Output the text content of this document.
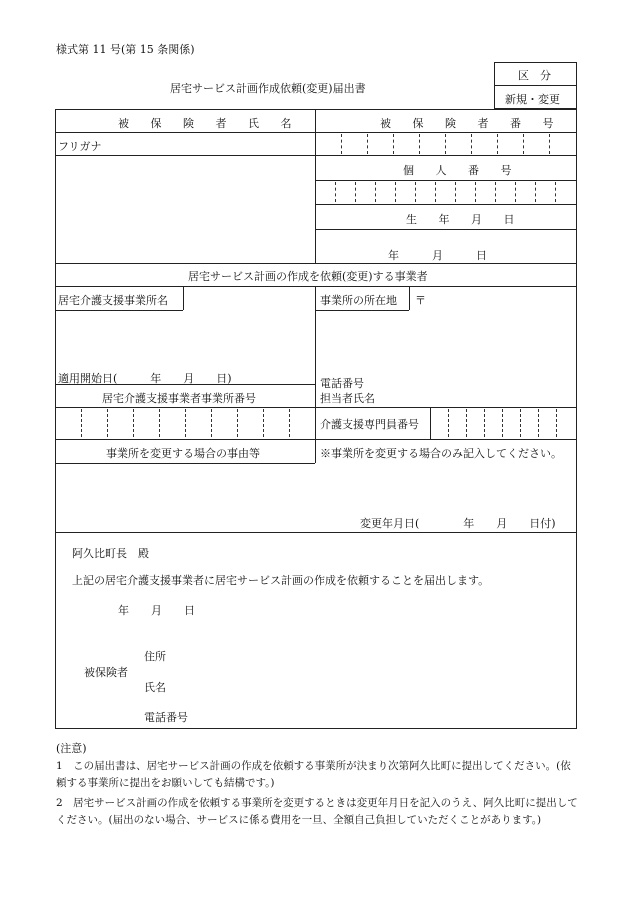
様式第 11 号(第 15 条関係)
居宅サービス計画作成依頼(変更)届出書
区　分
新規・変更
被 保 険 者 氏 名	被 保 険 者 番 号
フリガナ
個 人 番 号
生 年 月 日
年　　　月　　　日
居宅サービス計画の作成を依頼(変更)する事業者
居宅介護支援事業所名	事業所の所在地 〒
適用開始日(　　　年　　月　　日)
居宅介護支援事業者事業所番号
電話番号
担当者氏名
介護支援専門員番号
事業所を変更する場合の事由等	※事業所を変更する場合のみ記入してください。
変更年月日(　　　　年　　月　　日付)
阿久比町長　殿
上記の居宅介護支援事業者に居宅サービス計画の作成を依頼することを届出します。
年　　月　　日
被保険者
住所
氏名
電話番号
(注意)
1　この届出書は、居宅サービス計画の作成を依頼する事業所が決まり次第阿久比町に提出してください。(依頼する事業所に提出をお願いしても結構です。)
2　居宅サービス計画の作成を依頼する事業所を変更するときは変更年月日を記入のうえ、阿久比町に提出してください。(届出のない場合、サービスに係る費用を一旦、全額自己負担していただくことがあります。)
